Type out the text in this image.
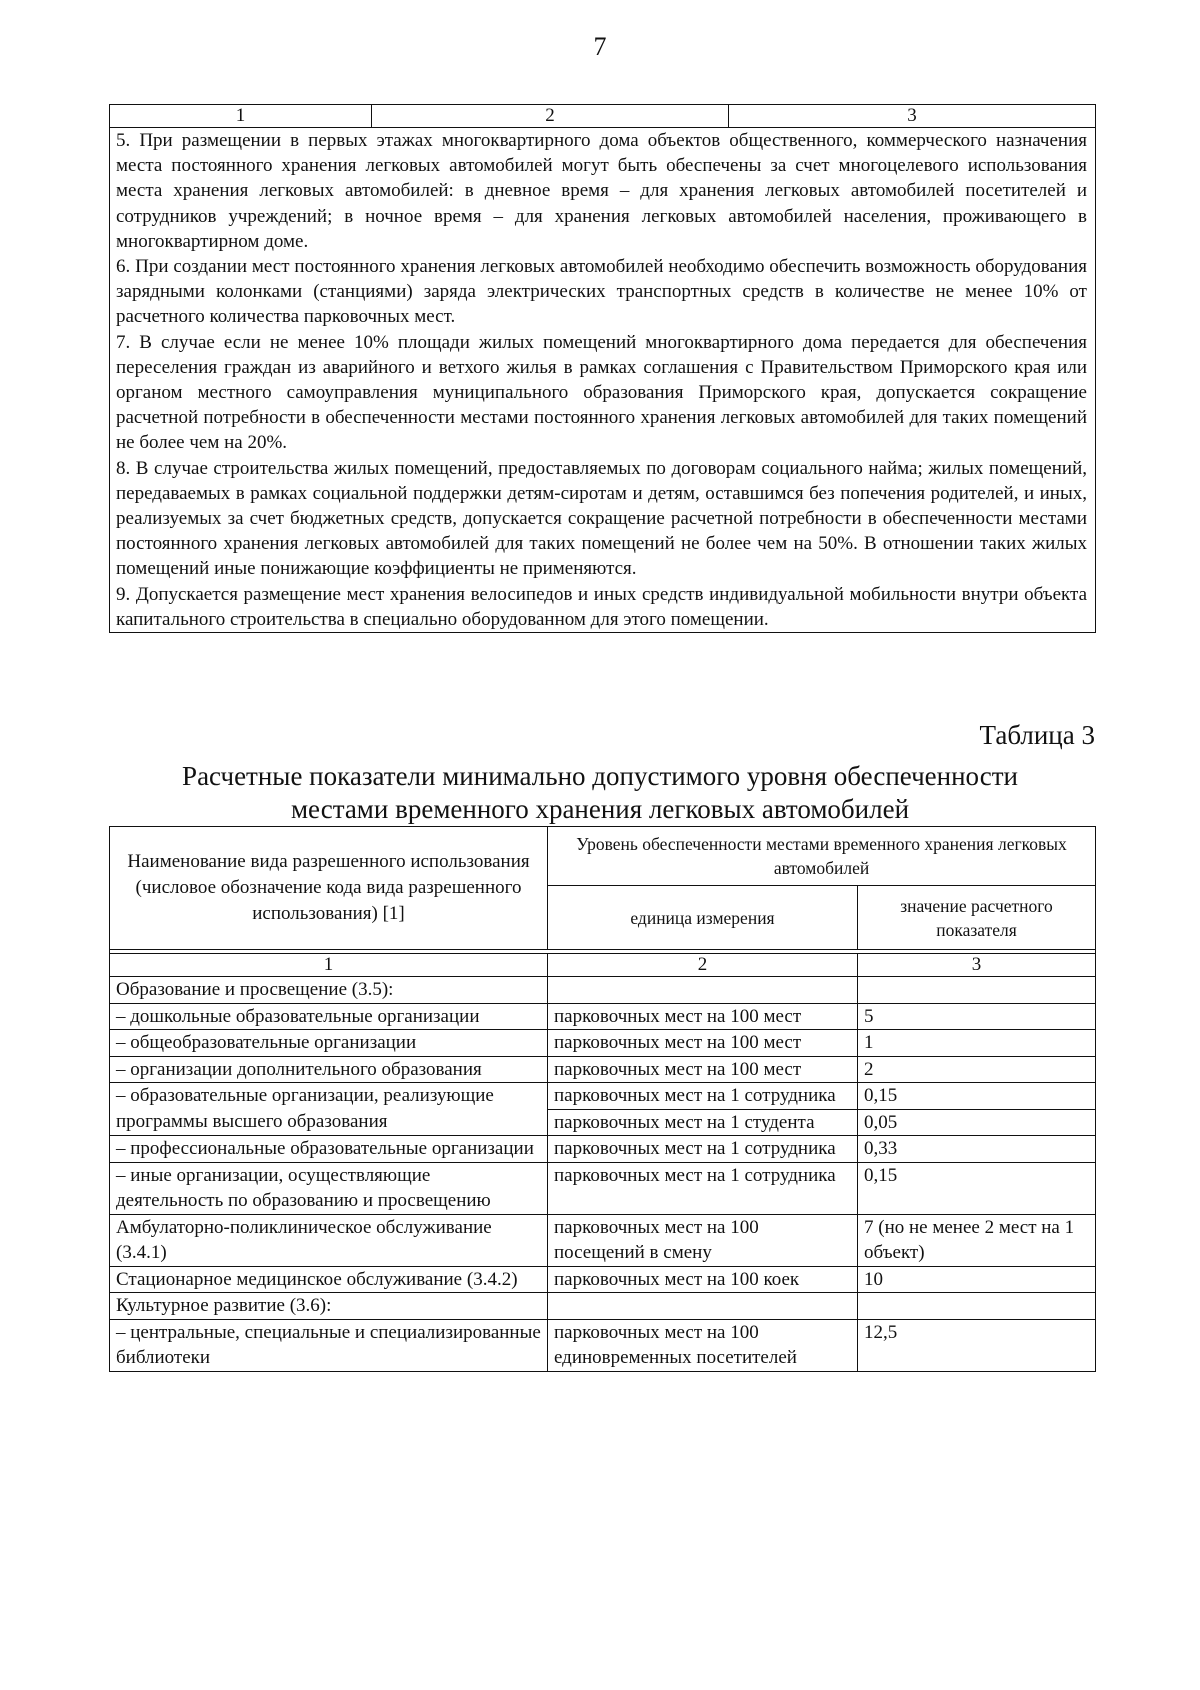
7
1	2	3

5. При размещении в первых этажах многоквартирного дома объектов общественного, коммерческого назначения места постоянного хранения легковых автомобилей могут быть обеспечены за счет многоцелевого использования места хранения легковых автомобилей: в дневное время – для хранения легковых автомобилей посетителей и сотрудников учреждений; в ночное время – для хранения легковых автомобилей населения, проживающего в многоквартирном доме.

6. При создании мест постоянного хранения легковых автомобилей необходимо обеспечить возможность оборудования зарядными колонками (станциями) заряда электрических транспортных средств в количестве не менее 10% от расчетного количества парковочных мест.

7. В случае если не менее 10% площади жилых помещений многоквартирного дома передается для обеспечения переселения граждан из аварийного и ветхого жилья в рамках соглашения с Правительством Приморского края или органом местного самоуправления муниципального образования Приморского края, допускается сокращение расчетной потребности в обеспеченности местами постоянного хранения легковых автомобилей для таких помещений не более чем на 20%.

8. В случае строительства жилых помещений, предоставляемых по договорам социального найма; жилых помещений, передаваемых в рамках социальной поддержки детям-сиротам и детям, оставшимся без попечения родителей, и иных, реализуемых за счет бюджетных средств, допускается сокращение расчетной потребности в обеспеченности местами постоянного хранения легковых автомобилей для таких помещений не более чем на 50%. В отношении таких жилых помещений иные понижающие коэффициенты не применяются.

9. Допускается размещение мест хранения велосипедов и иных средств индивидуальной мобильности внутри объекта капитального строительства в специально оборудованном для этого помещении.

Таблица 3
Расчетные показатели минимально допустимого уровня обеспеченности
местами временного хранения легковых автомобилей
Наименование вида разрешенного использования (числовое обозначение кода вида разрешенного использования) [1]	Уровень обеспеченности местами временного хранения легковых автомобилей	
	единица измерения	значение расчетного показателя

1	2	3
Образование и просвещение (3.5):		
– дошкольные образовательные организации	парковочных мест на 100 мест	5
– общеобразовательные организации	парковочных мест на 100 мест	1
– организации дополнительного образования	парковочных мест на 100 мест	2
– образовательные организации, реализующие программы высшего образования	парковочных мест на 1 сотрудника	0,15
	парковочных мест на 1 студента	0,05
– профессиональные образовательные организации	парковочных мест на 1 сотрудника	0,33
– иные организации, осуществляющие деятельность по образованию и просвещению	парковочных мест на 1 сотрудника	0,15
Амбулаторно-поликлиническое обслуживание (3.4.1)	парковочных мест на 100 посещений в смену	7 (но не менее 2 мест на 1 объект)
Стационарное медицинское обслуживание (3.4.2)	парковочных мест на 100 коек	10
Культурное развитие (3.6):		
– центральные, специальные и специализированные библиотеки	парковочных мест на 100 единовременных посетителей	12,5
